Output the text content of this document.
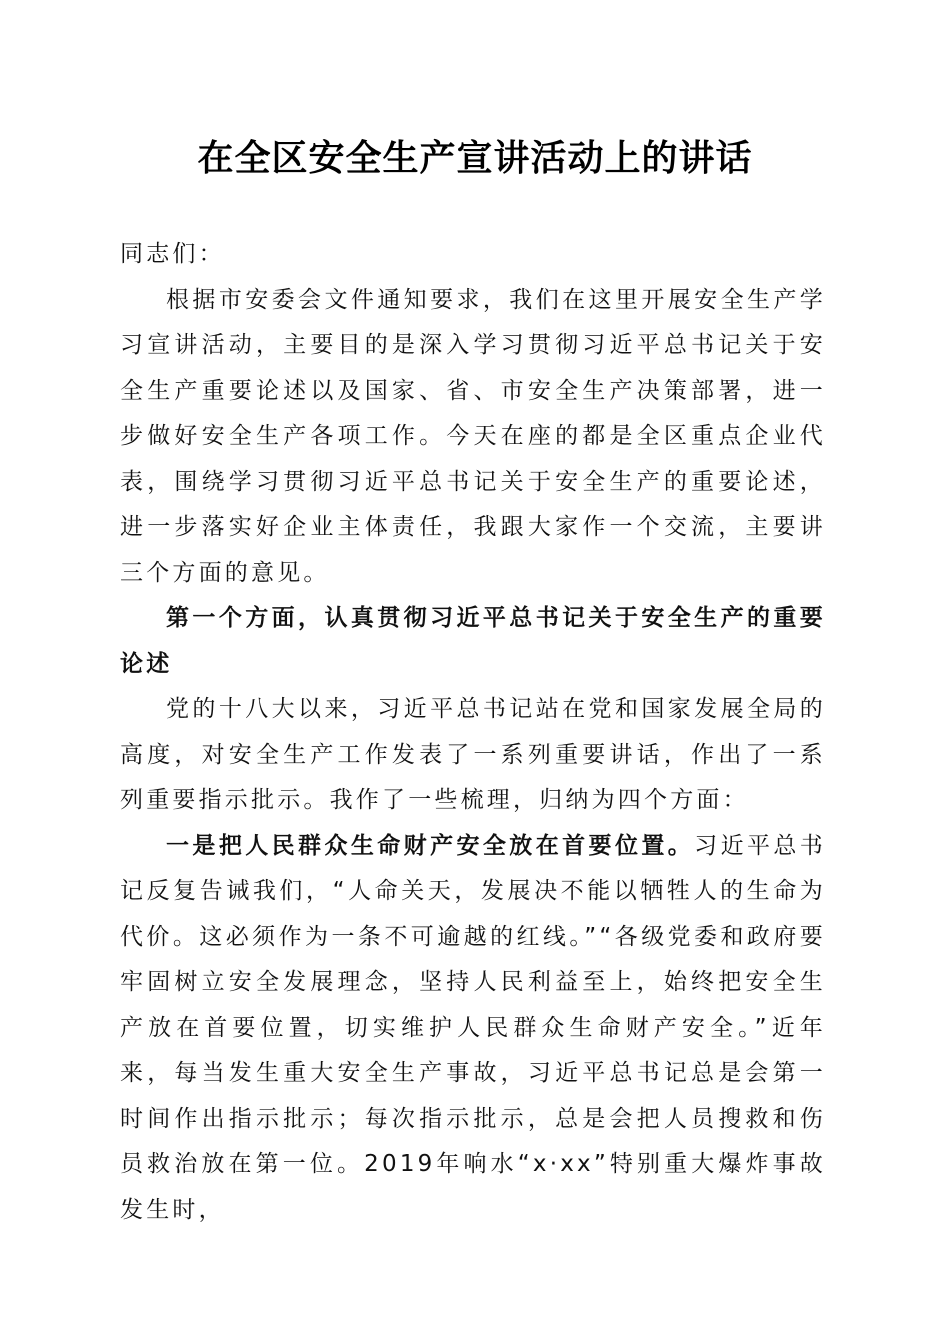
在全区安全生产宣讲活动上的讲话

同志们：

根据市安委会文件通知要求，我们在这里开展安全生产学习宣讲活动，主要目的是深入学习贯彻习近平总书记关于安全生产重要论述以及国家、省、市安全生产决策部署，进一步做好安全生产各项工作。今天在座的都是全区重点企业代表，围绕学习贯彻习近平总书记关于安全生产的重要论述，进一步落实好企业主体责任，我跟大家作一个交流，主要讲三个方面的意见。

第一个方面，认真贯彻习近平总书记关于安全生产的重要论述

党的十八大以来，习近平总书记站在党和国家发展全局的高度，对安全生产工作发表了一系列重要讲话，作出了一系列重要指示批示。我作了一些梳理，归纳为四个方面：

一是把人民群众生命财产安全放在首要位置。习近平总书记反复告诫我们，“人命关天，发展决不能以牺牲人的生命为代价。这必须作为一条不可逾越的红线。”“各级党委和政府要牢固树立安全发展理念，坚持人民利益至上，始终把安全生产放在首要位置，切实维护人民群众生命财产安全。”近年来，每当发生重大安全生产事故，习近平总书记总是会第一时间作出指示批示；每次指示批示，总是会把人员搜救和伤员救治放在第一位。2019年响水“x·xx”特别重大爆炸事故发生时，
